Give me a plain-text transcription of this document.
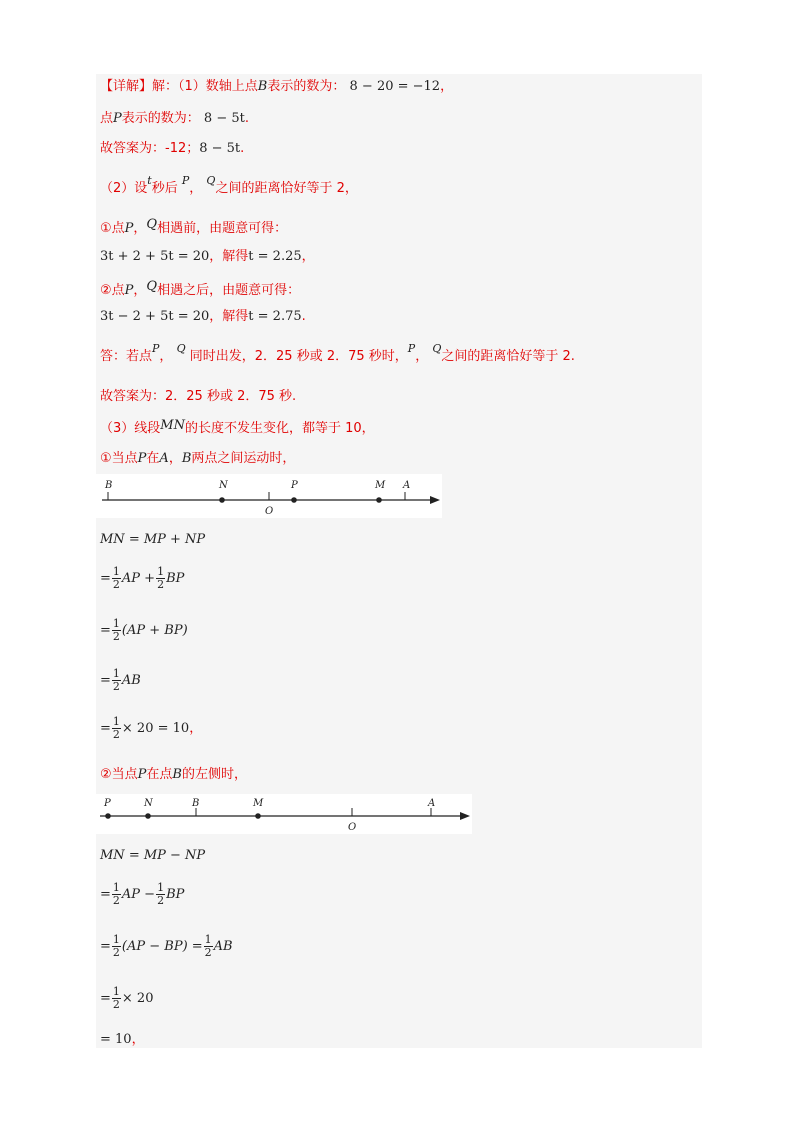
【详解】解：（1）数轴上点B表示的数为： 8 − 20 = −12，
点P表示的数为： 8 − 5t.
故答案为：-12；8 − 5t.
（2）设$^t$秒后 $^P$， $^Q$之间的距离恰好等于 2，
①点P，Q相遇前，由题意可得：
3t + 2 + 5t = 20，解得t = 2.25，
②点P，Q相遇之后，由题意可得：
3t − 2 + 5t = 20，解得t = 2.75.
答：若点$^P$， $^Q$ 同时出发，2．25 秒或 2．75 秒时，$^P$， $^Q$之间的距离恰好等于 2.
故答案为：2．25 秒或 2．75 秒.
（3）线段MN的长度不发生变化，都等于 10，
①当点P在A，B两点之间运动时，
B	N	P	M A
O
MN = MP + NP
= $\frac{1}{2}$ AP + $\frac{1}{2}$ BP
= $\frac{1}{2} (AP + BP)$
= $\frac{1}{2}$ AB
= $\frac{1}{2} \times 20 = 10$，
②当点P在点B的左侧时，
P	N	B	M	A
O
MN = MP − NP
= $\frac{1}{2}$ AP − $\frac{1}{2}$ BP
= $\frac{1}{2} (AP - BP) = \frac{1}{2}$ AB
= $\frac{1}{2} \times 20$
= 10，
